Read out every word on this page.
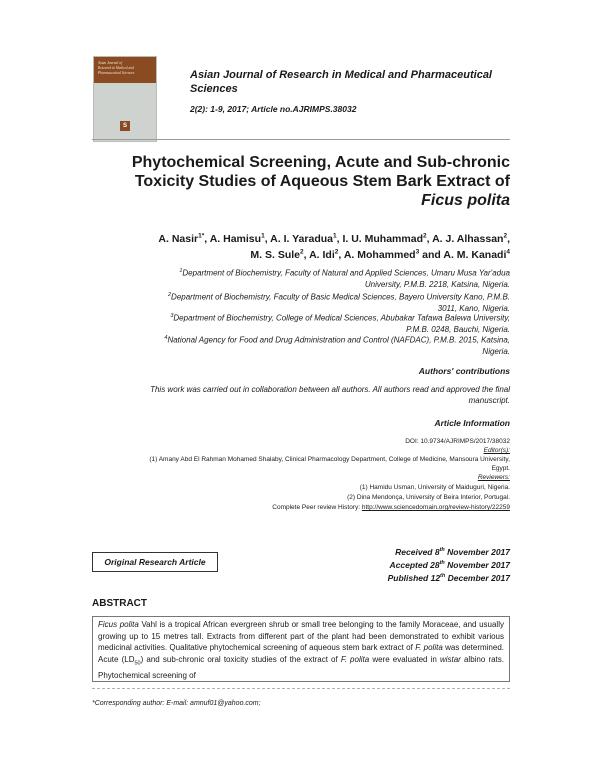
Asian Journal of
Research in Medical and
Pharmaceutical Sciences
S
Asian Journal of Research in Medical and Pharmaceutical Sciences
2(2): 1-9, 2017; Article no.AJRIMPS.38032
Phytochemical Screening, Acute and Sub-chronic
Toxicity Studies of Aqueous Stem Bark Extract of
Ficus polita
A. Nasir$^{1*}$, A. Hamisu$^1$, A. I. Yaradua$^1$, I. U. Muhammad$^2$, A. J. Alhassan$^2$,
M. S. Sule$^2$, A. Idi$^2$, A. Mohammed$^3$ and A. M. Kanadi$^4$
$^1$Department of Biochemistry, Faculty of Natural and Applied Sciences, Umaru Musa Yar'adua
University, P.M.B. 2218, Katsina, Nigeria.
$^2$Department of Biochemistry, Faculty of Basic Medical Sciences, Bayero University Kano, P.M.B.
3011, Kano, Nigeria.
$^3$Department of Biochemistry, College of Medical Sciences, Abubakar Tafawa Balewa University,
P.M.B. 0248, Bauchi, Nigeria.
$^4$National Agency for Food and Drug Administration and Control (NAFDAC), P.M.B. 2015, Katsina,
Nigeria.
Authors' contributions
This work was carried out in collaboration between all authors. All authors read and approved the final
manuscript.
Article Information
DOI: 10.9734/AJRIMPS/2017/38032
Editor(s):
(1) Amany Abd El Rahman Mohamed Shalaby, Clinical Pharmacology Department, College of Medicine, Mansoura University,
Egypt.
Reviewers:
(1) Hamidu Usman, University of Maiduguri, Nigeria.
(2) Dina Mendonça, University of Beira Interior, Portugal.
Complete Peer review History: http://www.sciencedomain.org/review-history/22259
Original Research Article
Received 8th November 2017
Accepted 28th November 2017
Published 12th December 2017
ABSTRACT
Ficus polita Vahl is a tropical African evergreen shrub or small tree belonging to the family Moraceae, and usually growing up to 15 metres tall. Extracts from different part of the plant had been demonstrated to exhibit various medicinal activities. Qualitative phytochemical screening of aqueous stem bark extract of F. polita was determined. Acute $(LD_{50})$ and sub-chronic oral toxicity studies of the extract of F. polita were evaluated in wistar albino rats. Phytochemical screening of
*Corresponding author: E-mail: amnuf01@yahoo.com;
